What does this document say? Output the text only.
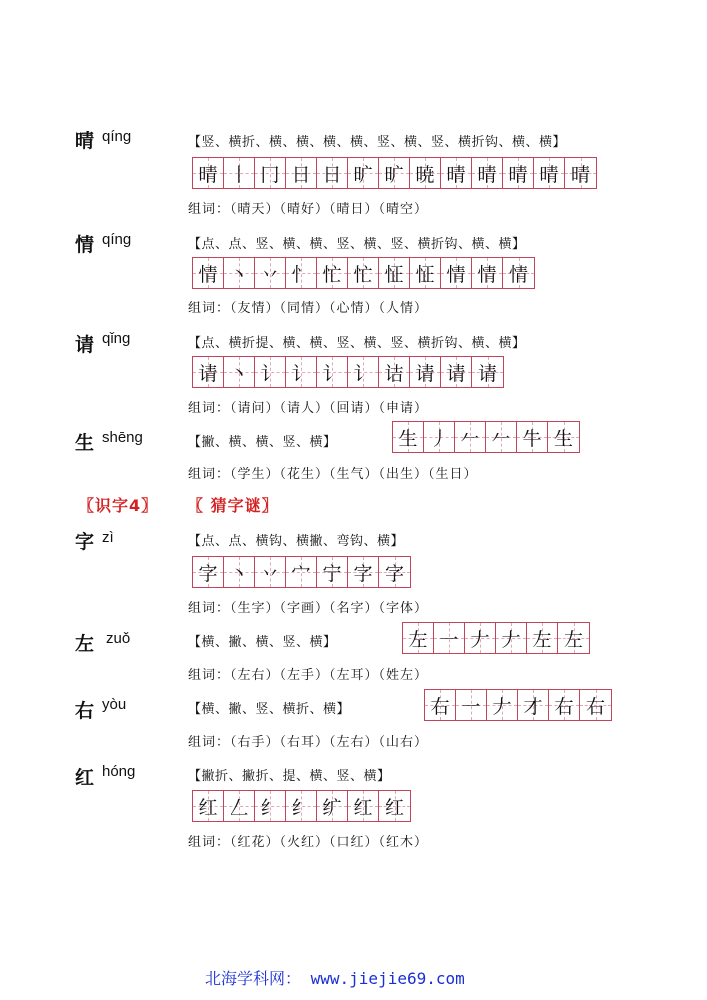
晴 qíng	【竖、横折、横、横、横、横、竖、横、竖、横折钩、横、横】
晴 丨 冂 日 日 旷 旷 暁 晴 晴 晴 晴 晴
组词：（晴天）（晴好）（晴日）（晴空）
情 qíng	【点、点、竖、横、横、竖、横、竖、横折钩、横、横】
情 丶 丷 忄 忙 忙 怔 怔 情 情 情
组词：（友情）（同情）（心情）（人情）
请 qǐng	【点、横折提、横、横、竖、横、竖、横折钩、横、横】
请 丶 讠 讠 讠 讠 诘 请 请 请
组词：（请问）（请人）（回请）（申请）
生 shēng	【撇、横、横、竖、横】	生 丿 𠂉 𠂉 牛 生
组词：（学生）（花生）（生气）（出生）（生日）
〖识字4〗 〖 猜字谜〗
字 zì	【点、点、横钩、横撇、弯钩、横】
字 丶 丷 宀 宁 字 字
组词：（生字）（字画）（名字）（字体）
左 zuǒ	【横、撇、横、竖、横】	左 一 𠂇 𠂇 左 左
组词：（左右）（左手）（左耳）（姓左）
右 yòu	【横、撇、竖、横折、横】	右 一 𠂇 才 右 右
组词：（右手）（右耳）（左右）（山右）
红 hóng	【撇折、撇折、提、横、竖、横】
红 𠃋 纟 纟 纩 红 红
组词：（红花）（火红）（口红）（红木）
北海学科网： www.jiejie69.com
